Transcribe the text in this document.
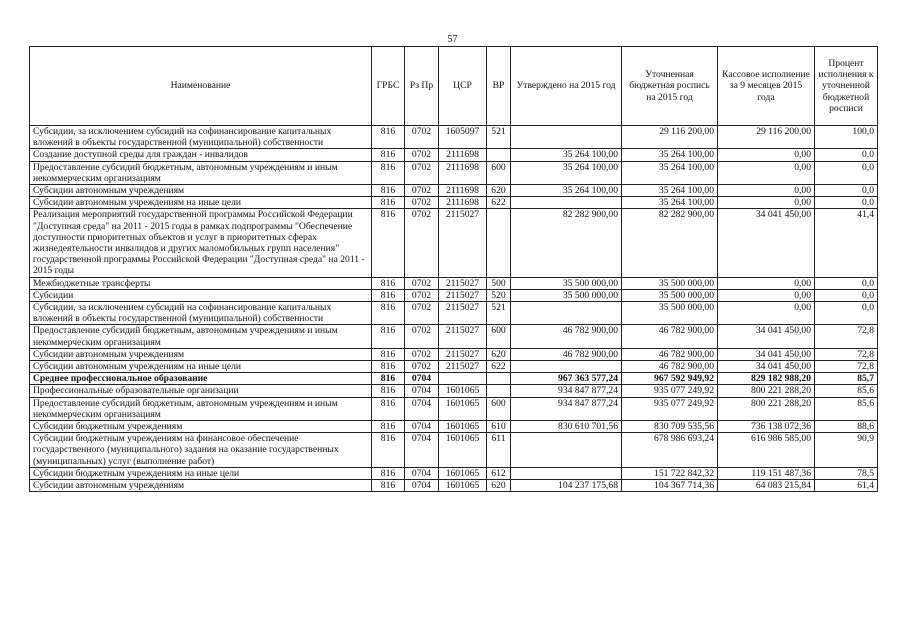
57
Наименование	ГРБС	Рз Пр	ЦСР	ВР	Утверждено на 2015 год	Уточненная бюджетная роспись на 2015 год	Кассовое исполнение за 9 месяцев 2015 года	Процент исполнения к уточненной бюджетной росписи
Субсидии, за исключением субсидий на софинансирование капитальных вложений в объекты государственной (муниципальной) собственности	816	0702	1605097	521		29 116 200,00	29 116 200,00	100,0
Создание доступной среды для граждан - инвалидов	816	0702	2111698		35 264 100,00	35 264 100,00	0,00	0,0
Предоставление субсидий бюджетным, автономным учреждениям и иным некоммерческим организациям	816	0702	2111698	600	35 264 100,00	35 264 100,00	0,00	0,0
Субсидии автономным учреждениям	816	0702	2111698	620	35 264 100,00	35 264 100,00	0,00	0,0
Субсидии автономным учреждениям на иные цели	816	0702	2111698	622		35 264 100,00	0,00	0,0
Реализация мероприятий государственной программы Российской Федерации "Доступная среда" на 2011 - 2015 годы в рамках подпрограммы "Обеспечение доступности приоритетных объектов и услуг в приоритетных сферах жизнедеятельности инвалидов и других маломобильных групп населения" государственной программы Российской Федерации "Доступная среда" на 2011 - 2015 годы	816	0702	2115027		82 282 900,00	82 282 900,00	34 041 450,00	41,4
Межбюджетные трансферты	816	0702	2115027	500	35 500 000,00	35 500 000,00	0,00	0,0
Субсидии	816	0702	2115027	520	35 500 000,00	35 500 000,00	0,00	0,0
Субсидии, за исключением субсидий на софинансирование капитальных вложений в объекты государственной (муниципальной) собственности	816	0702	2115027	521		35 500 000,00	0,00	0,0
Предоставление субсидий бюджетным, автономным учреждениям и иным некоммерческим организациям	816	0702	2115027	600	46 782 900,00	46 782 900,00	34 041 450,00	72,8
Субсидии автономным учреждениям	816	0702	2115027	620	46 782 900,00	46 782 900,00	34 041 450,00	72,8
Субсидии автономным учреждениям на иные цели	816	0702	2115027	622		46 782 900,00	34 041 450,00	72,8
Среднее профессиональное образование	816	0704			967 363 577,24	967 592 949,92	829 182 988,20	85,7
Профессиональные образовательные организации	816	0704	1601065		934 847 877,24	935 077 249,92	800 221 288,20	85,6
Предоставление субсидий бюджетным, автономным учреждениям и иным некоммерческим организациям	816	0704	1601065	600	934 847 877,24	935 077 249,92	800 221 288,20	85,6
Субсидии бюджетным учреждениям	816	0704	1601065	610	830 610 701,56	830 709 535,56	736 138 072,36	88,6
Субсидии бюджетным учреждениям на финансовое обеспечение государственного (муниципального) задания на оказание государственных (муниципальных) услуг (выполнение работ)	816	0704	1601065	611		678 986 693,24	616 986 585,00	90,9
Субсидии бюджетным учреждениям на иные цели	816	0704	1601065	612		151 722 842,32	119 151 487,36	78,5
Субсидии автономным учреждениям	816	0704	1601065	620	104 237 175,68	104 367 714,36	64 083 215,84	61,4
